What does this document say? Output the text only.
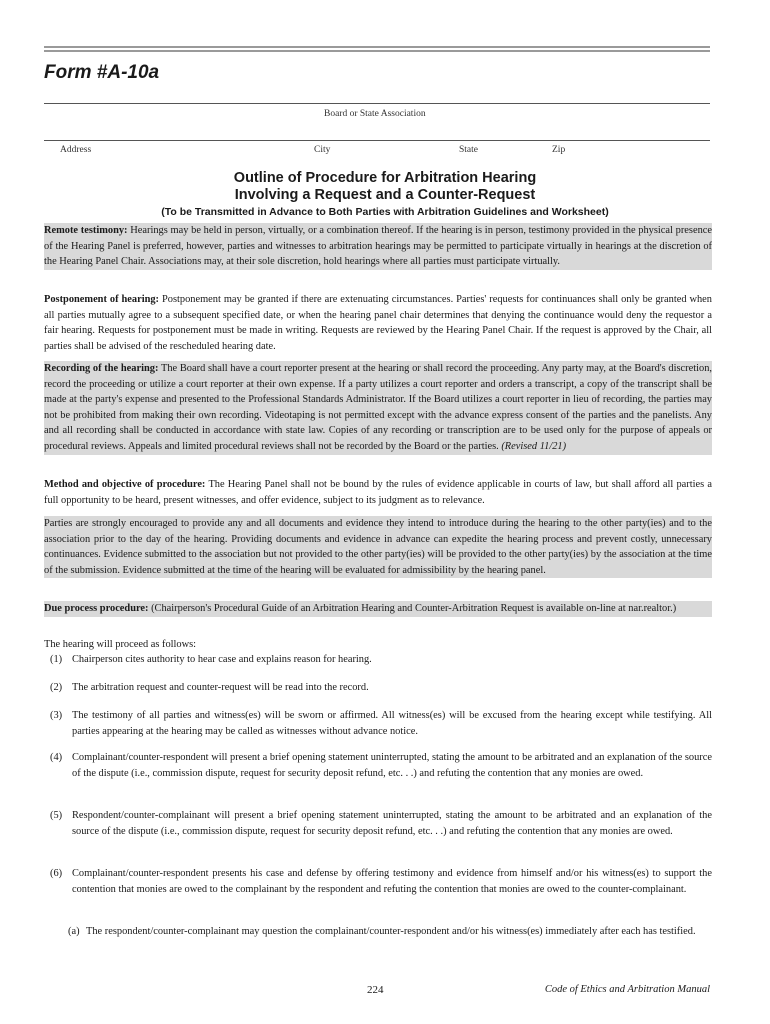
Form #A-10a
Board or State Association
Address	City	State	Zip
Outline of Procedure for Arbitration Hearing
Involving a Request and a Counter-Request
(To be Transmitted in Advance to Both Parties with Arbitration Guidelines and Worksheet)

Remote testimony: Hearings may be held in person, virtually, or a combination thereof. If the hearing is in person, testimony provided in the physical presence of the Hearing Panel is preferred, however, parties and witnesses to arbitration hearings may be permitted to participate virtually in hearings at the discretion of the Hearing Panel Chair. Associations may, at their sole discretion, hold hearings where all parties must participate virtually.

Postponement of hearing: Postponement may be granted if there are extenuating circumstances. Parties' requests for continuances shall only be granted when all parties mutually agree to a subsequent specified date, or when the hearing panel chair determines that denying the continuance would deny the requestor a fair hearing. Requests for postponement must be made in writing. Requests are reviewed by the Hearing Panel Chair. If the request is approved by the Chair, all parties shall be advised of the rescheduled hearing date.

Recording of the hearing: The Board shall have a court reporter present at the hearing or shall record the proceeding. Any party may, at the Board's discretion, record the proceeding or utilize a court reporter at their own expense. If a party utilizes a court reporter and orders a transcript, a copy of the transcript shall be made at the party's expense and presented to the Professional Standards Administrator. If the Board utilizes a court reporter in lieu of recording, the parties may not be prohibited from making their own recording. Videotaping is not permitted except with the advance express consent of the parties and the panelists. Any and all recording shall be conducted in accordance with state law. Copies of any recording or transcription are to be used only for the purpose of appeals or procedural reviews. Appeals and limited procedural reviews shall not be recorded by the Board or the parties. (Revised 11/21)

Method and objective of procedure: The Hearing Panel shall not be bound by the rules of evidence applicable in courts of law, but shall afford all parties a full opportunity to be heard, present witnesses, and offer evidence, subject to its judgment as to relevance.

Parties are strongly encouraged to provide any and all documents and evidence they intend to introduce during the hearing to the other party(ies) and to the association prior to the day of the hearing. Providing documents and evidence in advance can expedite the hearing process and prevent costly, unnecessary continuances. Evidence submitted to the association but not provided to the other party(ies) will be provided to the other party(ies) by the association at the time of the submission. Evidence submitted at the time of the hearing will be evaluated for admissibility by the hearing panel.

Due process procedure: (Chairperson's Procedural Guide of an Arbitration Hearing and Counter-Arbitration Request is available on-line at nar.realtor.)

The hearing will proceed as follows:
(1) Chairperson cites authority to hear case and explains reason for hearing.
(2) The arbitration request and counter-request will be read into the record.
(3) The testimony of all parties and witness(es) will be sworn or affirmed. All witness(es) will be excused from the hearing except while testifying. All parties appearing at the hearing may be called as witnesses without advance notice.
(4) Complainant/counter-respondent will present a brief opening statement uninterrupted, stating the amount to be arbitrated and an explanation of the source of the dispute (i.e., commission dispute, request for security deposit refund, etc. . .) and refuting the contention that any monies are owed.
(5) Respondent/counter-complainant will present a brief opening statement uninterrupted, stating the amount to be arbitrated and an explanation of the source of the dispute (i.e., commission dispute, request for security deposit refund, etc. . .) and refuting the contention that any monies are owed.
(6) Complainant/counter-respondent presents his case and defense by offering testimony and evidence from himself and/or his witness(es) to support the contention that monies are owed to the complainant by the respondent and refuting the contention that monies are owed to the counter-complainant.
(a) The respondent/counter-complainant may question the complainant/counter-respondent and/or his witness(es) immediately after each has testified.
224	Code of Ethics and Arbitration Manual
